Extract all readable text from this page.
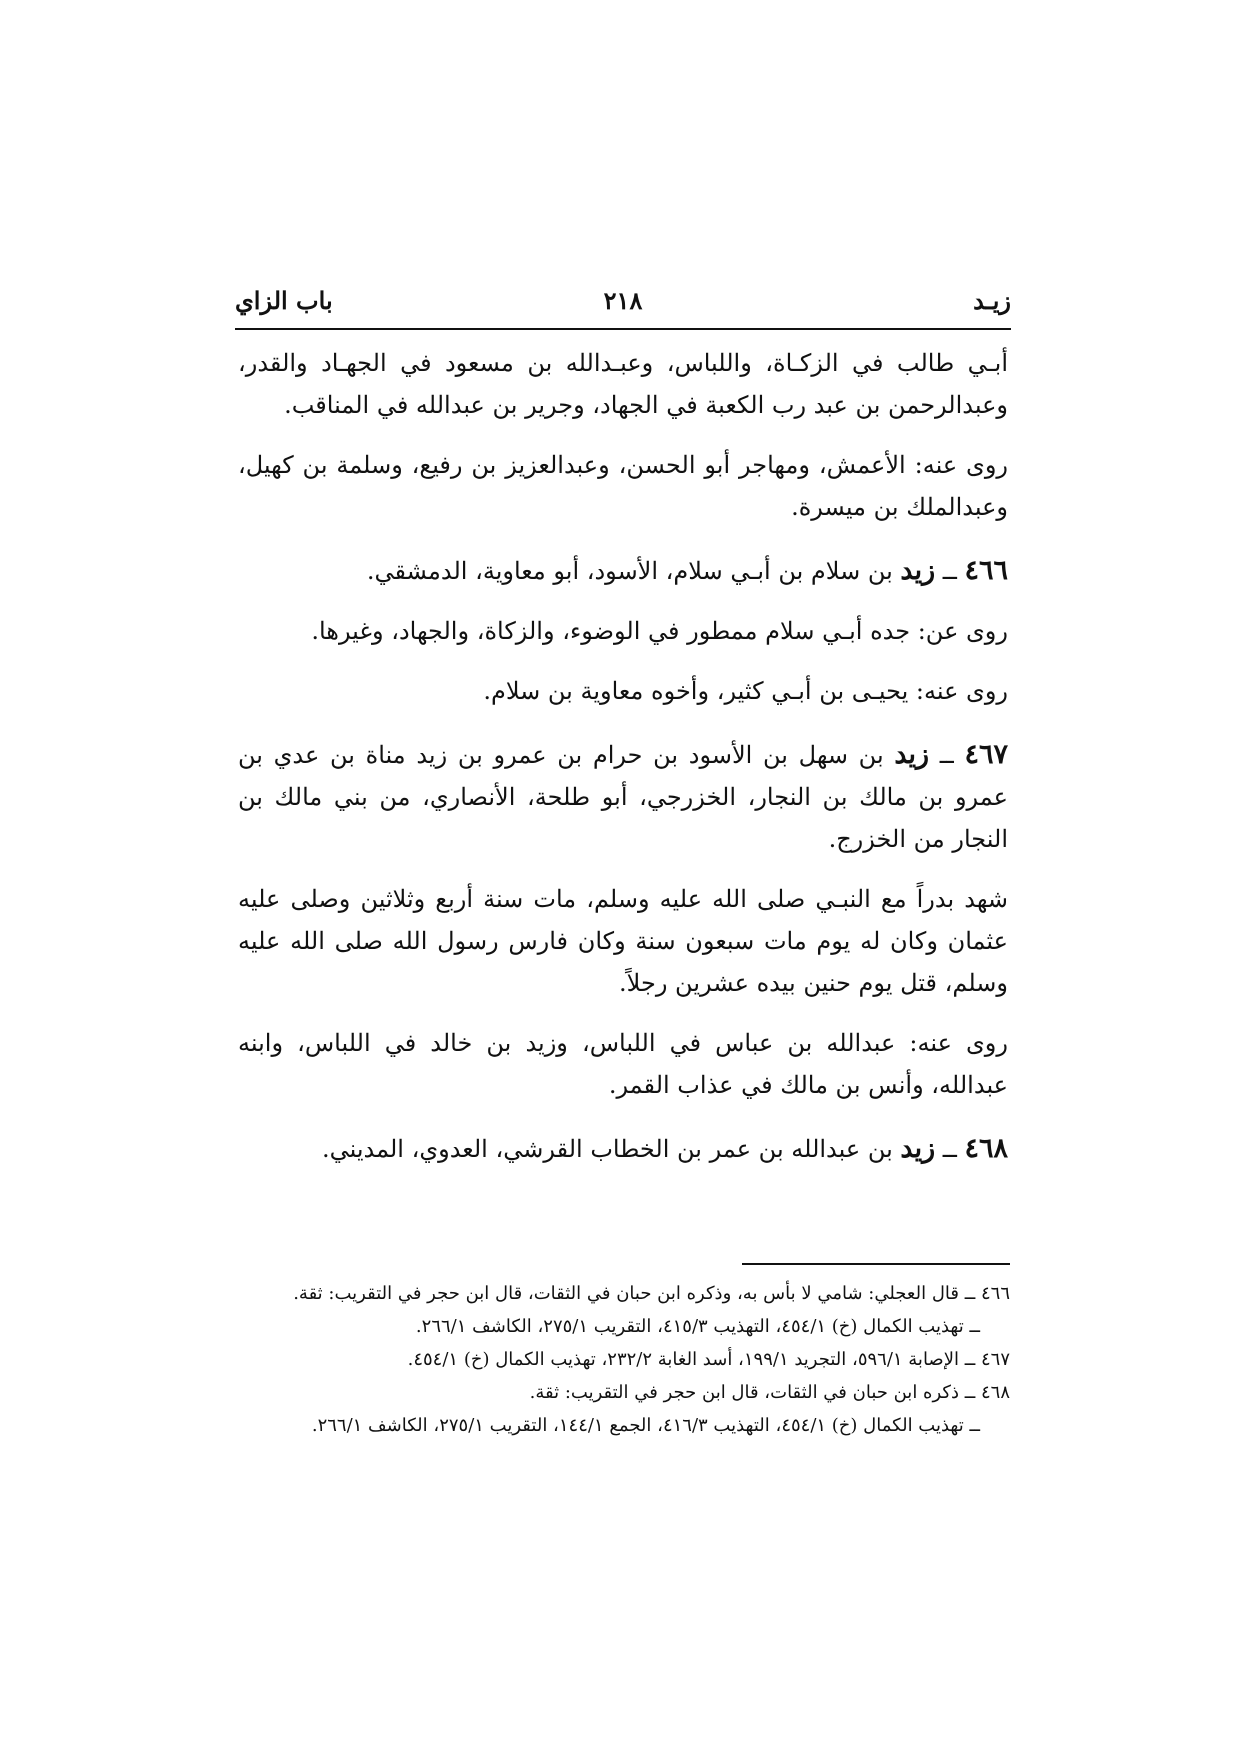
زيـد
٢١٨
باب الزاي

أبـي طالب في الزكـاة، واللباس، وعبـدالله بن مسعود في الجهـاد والقدر، وعبدالرحمن بن عبد رب الكعبة في الجهاد، وجرير بن عبدالله في المناقب.

روى عنه: الأعمش، ومهاجر أبو الحسن، وعبدالعزيز بن رفيع، وسلمة بن كهيل، وعبدالملك بن ميسرة.

٤٦٦ ــ زيد بن سلام بن أبـي سلام، الأسود، أبو معاوية، الدمشقي.

روى عن: جده أبـي سلام ممطور في الوضوء، والزكاة، والجهاد، وغيرها.

روى عنه: يحيـى بن أبـي كثير، وأخوه معاوية بن سلام.

٤٦٧ ــ زيد بن سهل بن الأسود بن حرام بن عمرو بن زيد مناة بن عدي بن عمرو بن مالك بن النجار، الخزرجي، أبو طلحة، الأنصاري، من بني مالك بن النجار من الخزرج.

شهد بدراً مع النبـي صلى الله عليه وسلم، مات سنة أربع وثلاثين وصلى عليه عثمان وكان له يوم مات سبعون سنة وكان فارس رسول الله صلى الله عليه وسلم، قتل يوم حنين بيده عشرين رجلاً.

روى عنه: عبدالله بن عباس في اللباس، وزيد بن خالد في اللباس، وابنه عبدالله، وأنس بن مالك في عذاب القمر.

٤٦٨ ــ زيد بن عبدالله بن عمر بن الخطاب القرشي، العدوي، المديني.

٤٦٦ ــ قال العجلي: شامي لا بأس به، وذكره ابن حبان في الثقات، قال ابن حجر في التقريب: ثقة.
ــ تهذيب الكمال (خ) ٤٥٤/١، التهذيب ٤١٥/٣، التقريب ٢٧٥/١، الكاشف ٢٦٦/١.
٤٦٧ ــ الإصابة ٥٩٦/١، التجريد ١٩٩/١، أسد الغابة ٢٣٢/٢، تهذيب الكمال (خ) ٤٥٤/١.
٤٦٨ ــ ذكره ابن حبان في الثقات، قال ابن حجر في التقريب: ثقة.
ــ تهذيب الكمال (خ) ٤٥٤/١، التهذيب ٤١٦/٣، الجمع ١٤٤/١، التقريب ٢٧٥/١، الكاشف ٢٦٦/١.
